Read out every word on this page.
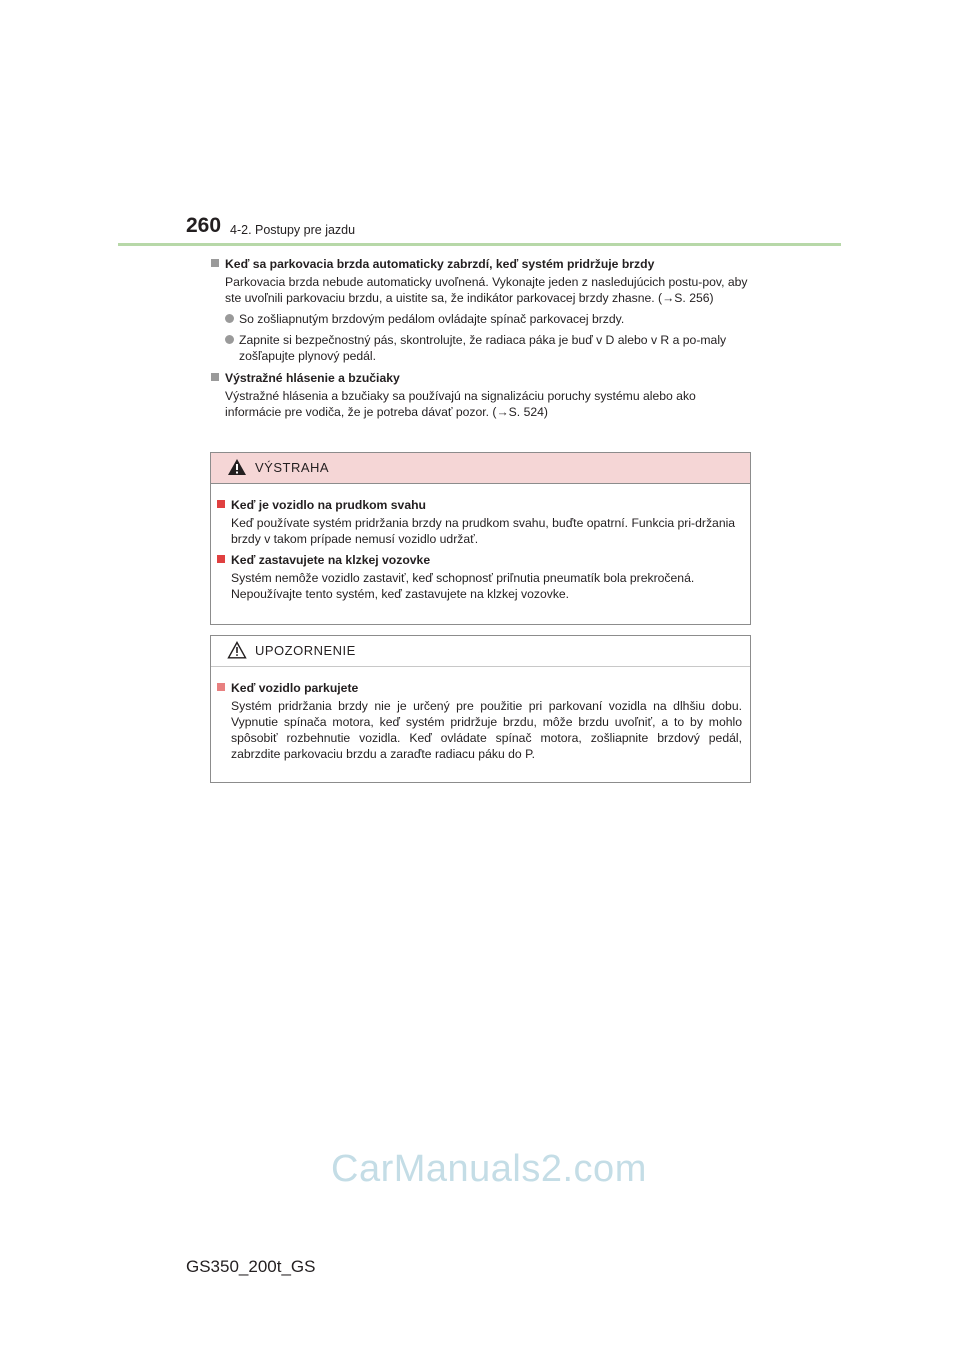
260 4-2. Postupy pre jazdu

Keď sa parkovacia brzda automaticky zabrzdí, keď systém pridržuje brzdy

Parkovacia brzda nebude automaticky uvoľnená. Vykonajte jeden z nasledujúcich postu-pov, aby ste uvoľnili parkovaciu brzdu, a uistite sa, že indikátor parkovacej brzdy zhasne. (→S. 256)

So zošliapnutým brzdovým pedálom ovládajte spínač parkovacej brzdy.

Zapnite si bezpečnostný pás, skontrolujte, že radiaca páka je buď v D alebo v R a po-maly zošľapujte plynový pedál.

Výstražné hlásenie a bzučiaky

Výstražné hlásenia a bzučiaky sa používajú na signalizáciu poruchy systému alebo ako informácie pre vodiča, že je potreba dávať pozor. (→S. 524)

VÝSTRAHA

Keď je vozidlo na prudkom svahu

Keď používate systém pridržania brzdy na prudkom svahu, buďte opatrní. Funkcia pri-držania brzdy v takom prípade nemusí vozidlo udržať.

Keď zastavujete na klzkej vozovke

Systém nemôže vozidlo zastaviť, keď schopnosť priľnutia pneumatík bola prekročená. Nepoužívajte tento systém, keď zastavujete na klzkej vozovke.

UPOZORNENIE

Keď vozidlo parkujete

Systém pridržania brzdy nie je určený pre použitie pri parkovaní vozidla na dlhšiu dobu. Vypnutie spínača motora, keď systém pridržuje brzdu, môže brzdu uvoľniť, a to by mohlo spôsobiť rozbehnutie vozidla. Keď ovládate spínač motora, zošliapnite brzdový pedál, zabrzdite parkovaciu brzdu a zaraďte radiacu páku do P.

CarManuals2.com
GS350_200t_GS
